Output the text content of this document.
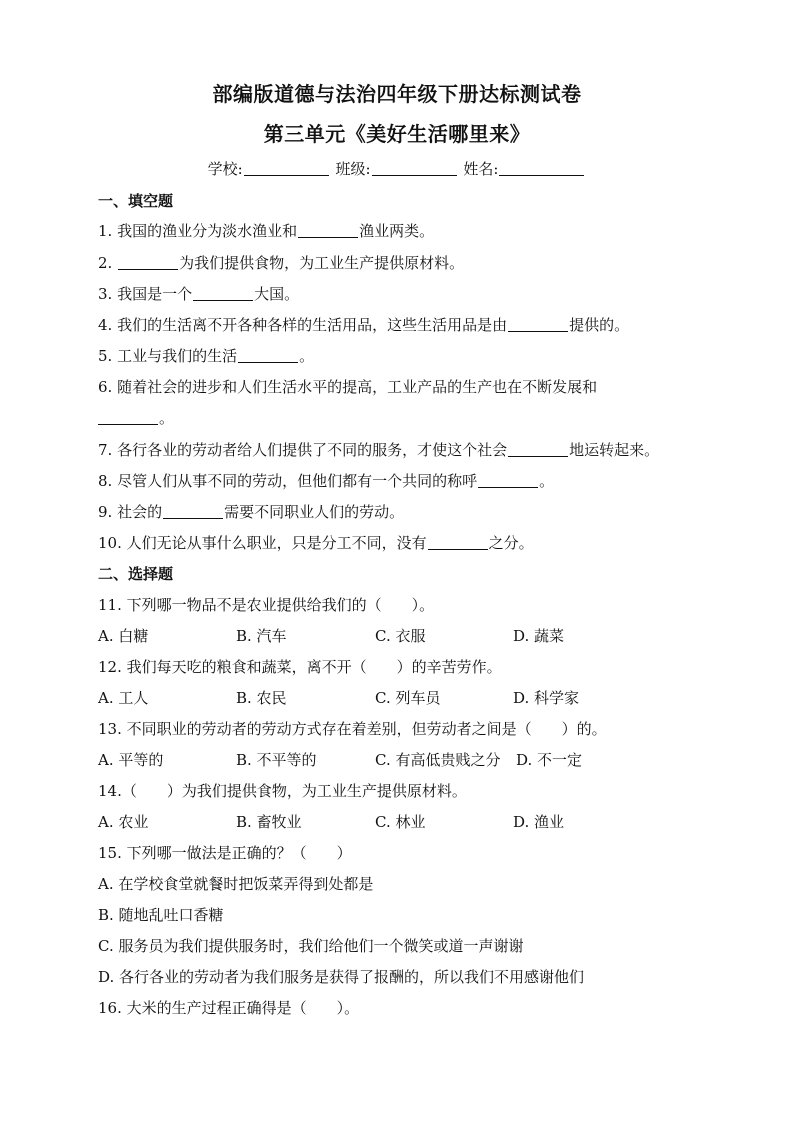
部编版道德与法治四年级下册达标测试卷
第三单元《美好生活哪里来》
学校:	班级:	姓名:
一、填空题
1. 我国的渔业分为淡水渔业和	渔业两类。
2.	为我们提供食物，为工业生产提供原材料。
3. 我国是一个	大国。
4. 我们的生活离不开各种各样的生活用品，这些生活用品是由	提供的。
5. 工业与我们的生活	。
6. 随着社会的进步和人们生活水平的提高，工业产品的生产也在不断发展和
。
7. 各行各业的劳动者给人们提供了不同的服务，才使这个社会	地运转起来。
8. 尽管人们从事不同的劳动，但他们都有一个共同的称呼	。
9. 社会的	需要不同职业人们的劳动。
10. 人们无论从事什么职业，只是分工不同，没有	之分。
二、选择题
11. 下列哪一物品不是农业提供给我们的（　　）。
A. 白糖	B. 汽车	C. 衣服	D. 蔬菜
12. 我们每天吃的粮食和蔬菜，离不开（　　）的辛苦劳作。
A. 工人	B. 农民	C. 列车员	D. 科学家
13. 不同职业的劳动者的劳动方式存在着差别，但劳动者之间是（　　）的。
A. 平等的	B. 不平等的	C. 有高低贵贱之分 D. 不一定
14.（　　）为我们提供食物，为工业生产提供原材料。
A. 农业	B. 畜牧业	C. 林业	D. 渔业
15. 下列哪一做法是正确的？（　　）
A. 在学校食堂就餐时把饭菜弄得到处都是
B. 随地乱吐口香糖
C. 服务员为我们提供服务时，我们给他们一个微笑或道一声谢谢
D. 各行各业的劳动者为我们服务是获得了报酬的，所以我们不用感谢他们
16. 大米的生产过程正确得是（　　）。
